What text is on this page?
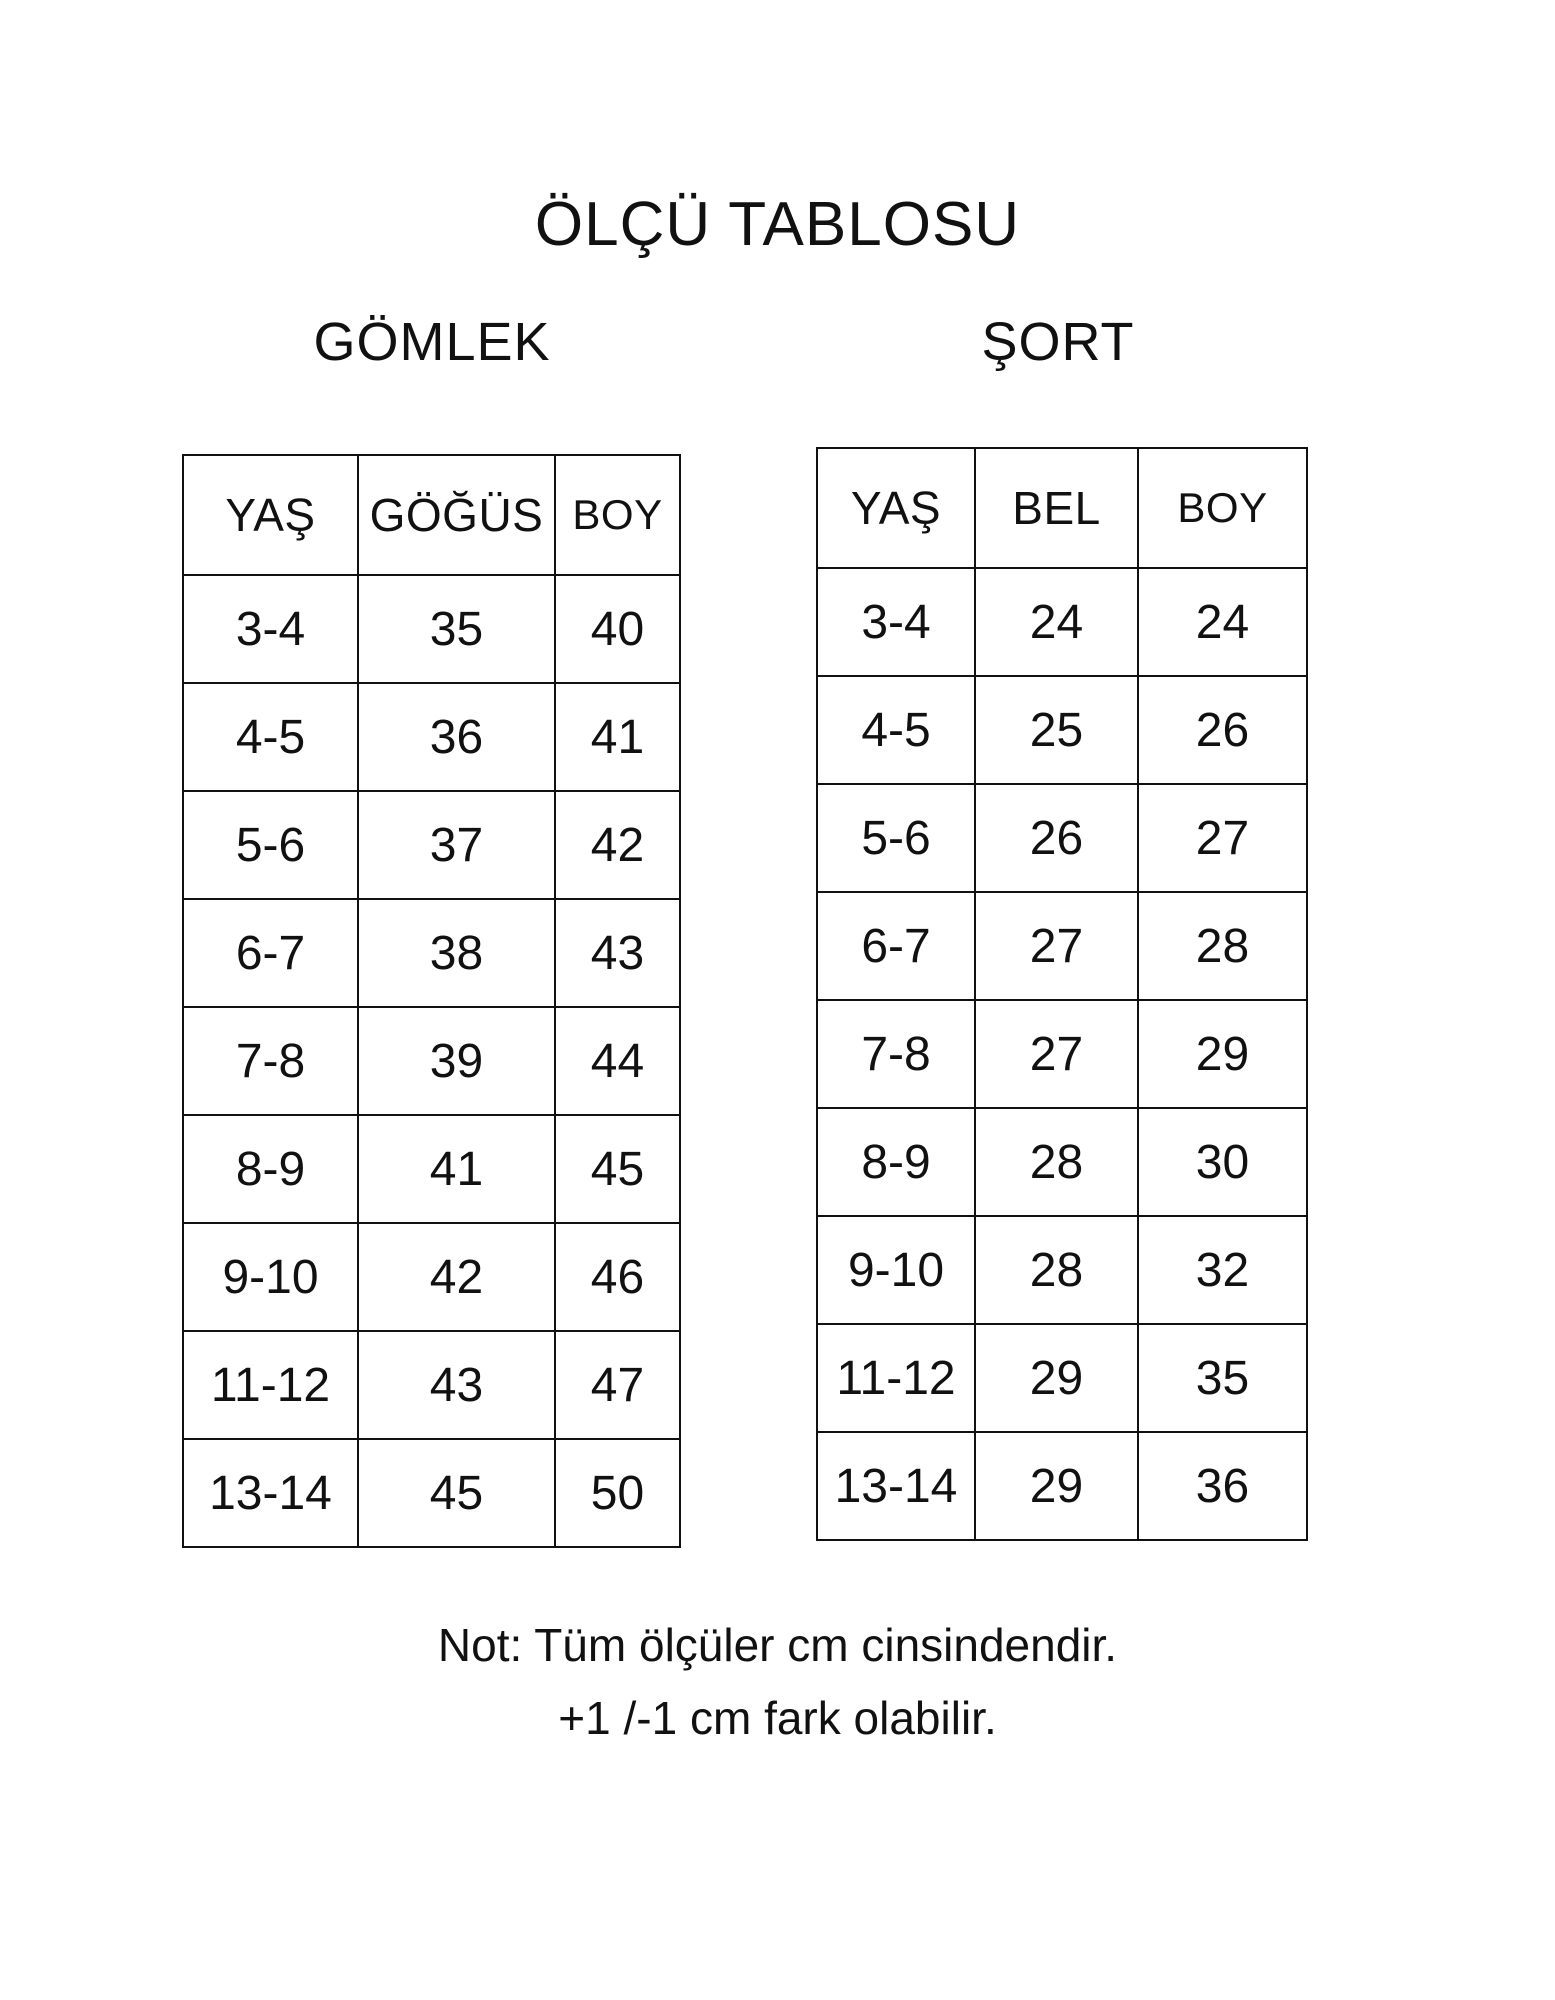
ÖLÇÜ TABLOSU
GÖMLEK	ŞORT
YAŞ	GÖĞÜS	BOY
3-4	35	40
4-5	36	41
5-6	37	42
6-7	38	43
7-8	39	44
8-9	41	45
9-10	42	46
11-12	43	47
13-14	45	50
YAŞ	BEL	BOY
3-4	24	24
4-5	25	26
5-6	26	27
6-7	27	28
7-8	27	29
8-9	28	30
9-10	28	32
11-12	29	35
13-14	29	36
Not: Tüm ölçüler cm cinsindendir.
+1 /-1 cm fark olabilir.
